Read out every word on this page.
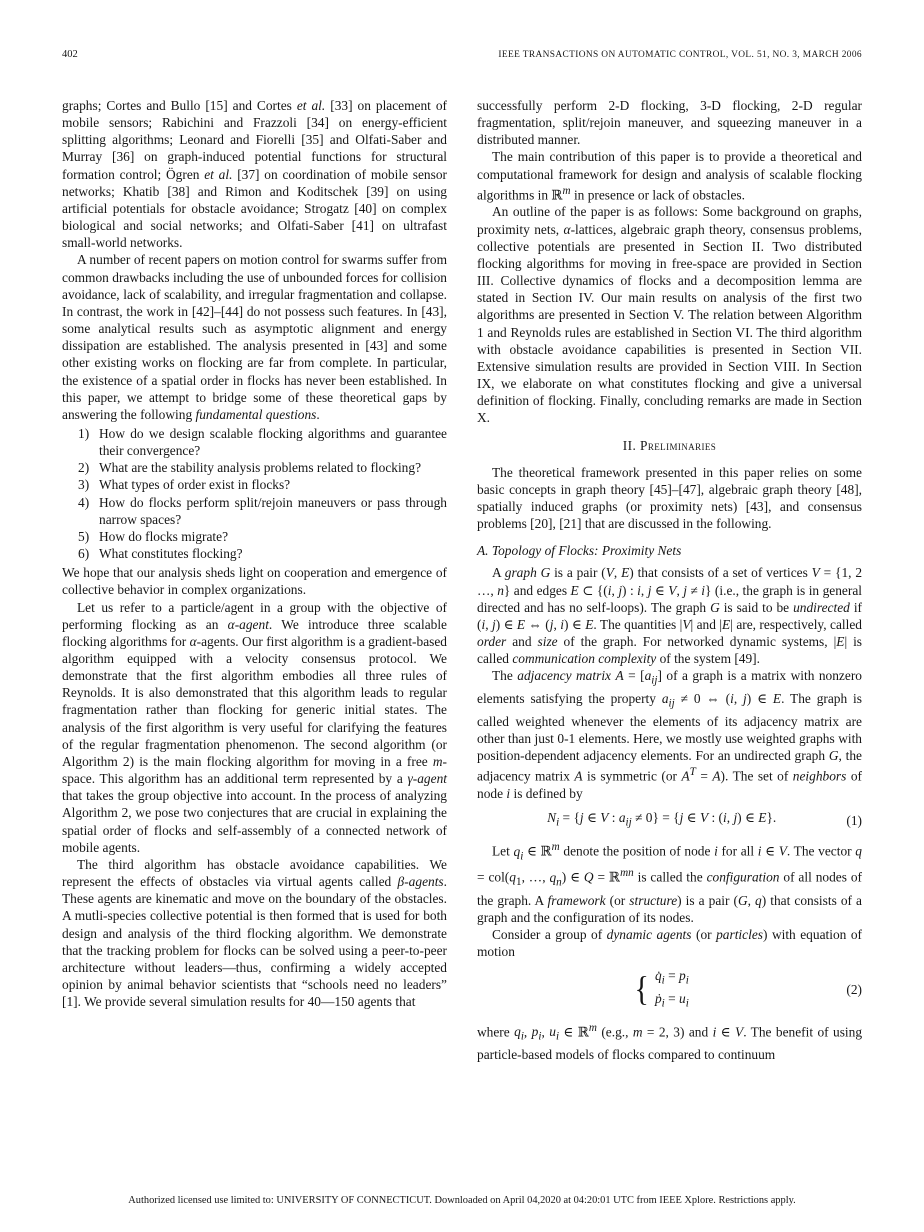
402	IEEE TRANSACTIONS ON AUTOMATIC CONTROL, VOL. 51, NO. 3, MARCH 2006

graphs; Cortes and Bullo [15] and Cortes et al. [33] on placement of mobile sensors; Rabichini and Frazzoli [34] on energy-efficient splitting algorithms; Leonard and Fiorelli [35] and Olfati-Saber and Murray [36] on graph-induced potential functions for structural formation control; Ögren et al. [37] on coordination of mobile sensor networks; Khatib [38] and Rimon and Koditschek [39] on using artificial potentials for obstacle avoidance; Strogatz [40] on complex biological and social networks; and Olfati-Saber [41] on ultrafast small-world networks.

A number of recent papers on motion control for swarms suffer from common drawbacks including the use of unbounded forces for collision avoidance, lack of scalability, and irregular fragmentation and collapse. In contrast, the work in [42]–[44] do not possess such features. In [43], some analytical results such as asymptotic alignment and energy dissipation are established. The analysis presented in [43] and some other existing works on flocking are far from complete. In particular, the existence of a spatial order in flocks has never been established. In this paper, we attempt to bridge some of these theoretical gaps by answering the following fundamental questions.

1) How do we design scalable flocking algorithms and guarantee their convergence?
2) What are the stability analysis problems related to flocking?
3) What types of order exist in flocks?
4) How do flocks perform split/rejoin maneuvers or pass through narrow spaces?
5) How do flocks migrate?
6) What constitutes flocking?

We hope that our analysis sheds light on cooperation and emergence of collective behavior in complex organizations.

Let us refer to a particle/agent in a group with the objective of performing flocking as an α-agent. We introduce three scalable flocking algorithms for α-agents. Our first algorithm is a gradient-based algorithm equipped with a velocity consensus protocol. We demonstrate that the first algorithm embodies all three rules of Reynolds. It is also demonstrated that this algorithm leads to regular fragmentation rather than flocking for generic initial states. The analysis of the first algorithm is very useful for clarifying the features of the regular fragmentation phenomenon. The second algorithm (or Algorithm 2) is the main flocking algorithm for moving in a free m-space. This algorithm has an additional term represented by a γ-agent that takes the group objective into account. In the process of analyzing Algorithm 2, we pose two conjectures that are crucial in explaining the spatial order of flocks and self-assembly of a connected network of mobile agents.

The third algorithm has obstacle avoidance capabilities. We represent the effects of obstacles via virtual agents called β-agents. These agents are kinematic and move on the boundary of the obstacles. A mutli-species collective potential is then formed that is used for both design and analysis of the third flocking algorithm. We demonstrate that the tracking problem for flocks can be solved using a peer-to-peer architecture without leaders—thus, confirming a widely accepted opinion by animal behavior scientists that “schools need no leaders” [1]. We provide several simulation results for 40—150 agents that

successfully perform 2-D flocking, 3-D flocking, 2-D regular fragmentation, split/rejoin maneuver, and squeezing maneuver in a distributed manner.

The main contribution of this paper is to provide a theoretical and computational framework for design and analysis of scalable flocking algorithms in ℝ$^m$ in presence or lack of obstacles.

An outline of the paper is as follows: Some background on graphs, proximity nets, α-lattices, algebraic graph theory, consensus problems, collective potentials are presented in Section II. Two distributed flocking algorithms for moving in free-space are provided in Section III. Collective dynamics of flocks and a decomposition lemma are stated in Section IV. Our main results on analysis of the first two algorithms are presented in Section V. The relation between Algorithm 1 and Reynolds rules are established in Section VI. The third algorithm with obstacle avoidance capabilities is presented in Section VII. Extensive simulation results are provided in Section VIII. In Section IX, we elaborate on what constitutes flocking and give a universal definition of flocking. Finally, concluding remarks are made in Section X.

II. Preliminaries

The theoretical framework presented in this paper relies on some basic concepts in graph theory [45]–[47], algebraic graph theory [48], spatially induced graphs (or proximity nets) [43], and consensus problems [20], [21] that are discussed in the following.

A. Topology of Flocks: Proximity Nets

A graph G is a pair (V, E) that consists of a set of vertices V = {1, 2 …, n} and edges E ⊂ {(i, j) : i, j ∈ V, j ≠ i} (i.e., the graph is in general directed and has no self-loops). The graph G is said to be undirected if (i, j) ∈ E ⇔ (j, i) ∈ E. The quantities |V| and |E| are, respectively, called order and size of the graph. For networked dynamic systems, |E| is called communication complexity of the system [49].

The adjacency matrix $A = [a_{ij}]$ of a graph is a matrix with nonzero elements satisfying the property $a_{ij} \ne 0$ ⇔ (i, j) ∈ E. The graph is called weighted whenever the elements of its adjacency matrix are other than just 0-1 elements. Here, we mostly use weighted graphs with position-dependent adjacency elements. For an undirected graph G, the adjacency matrix A is symmetric (or $A^T = A$). The set of neighbors of node i is defined by

$N_i = \{j$ ∈ V : $a_{ij} \ne 0\} = \{j$ ∈ V : (i, j) ∈ E}.	(1)

Let $q_i$ ∈ ℝ$^m$ denote the position of node i for all i ∈ V. The vector $q = col(q_1$, …, $q_n$) ∈ Q = ℝ$^{mn}$ is called the configuration of all nodes of the graph. A framework (or structure) is a pair (G, q) that consists of a graph and the configuration of its nodes.

Consider a group of dynamic agents (or particles) with equation of motion

{ $q̇_i = p_i$
$ṗ_i = u_i$
(2)

where $q_i$, $p_i$, $u_i$ ∈ ℝ$^m$ (e.g., m = 2, 3) and i ∈ V. The benefit of using particle-based models of flocks compared to continuum

Authorized licensed use limited to: UNIVERSITY OF CONNECTICUT. Downloaded on April 04,2020 at 04:20:01 UTC from IEEE Xplore. Restrictions apply.
